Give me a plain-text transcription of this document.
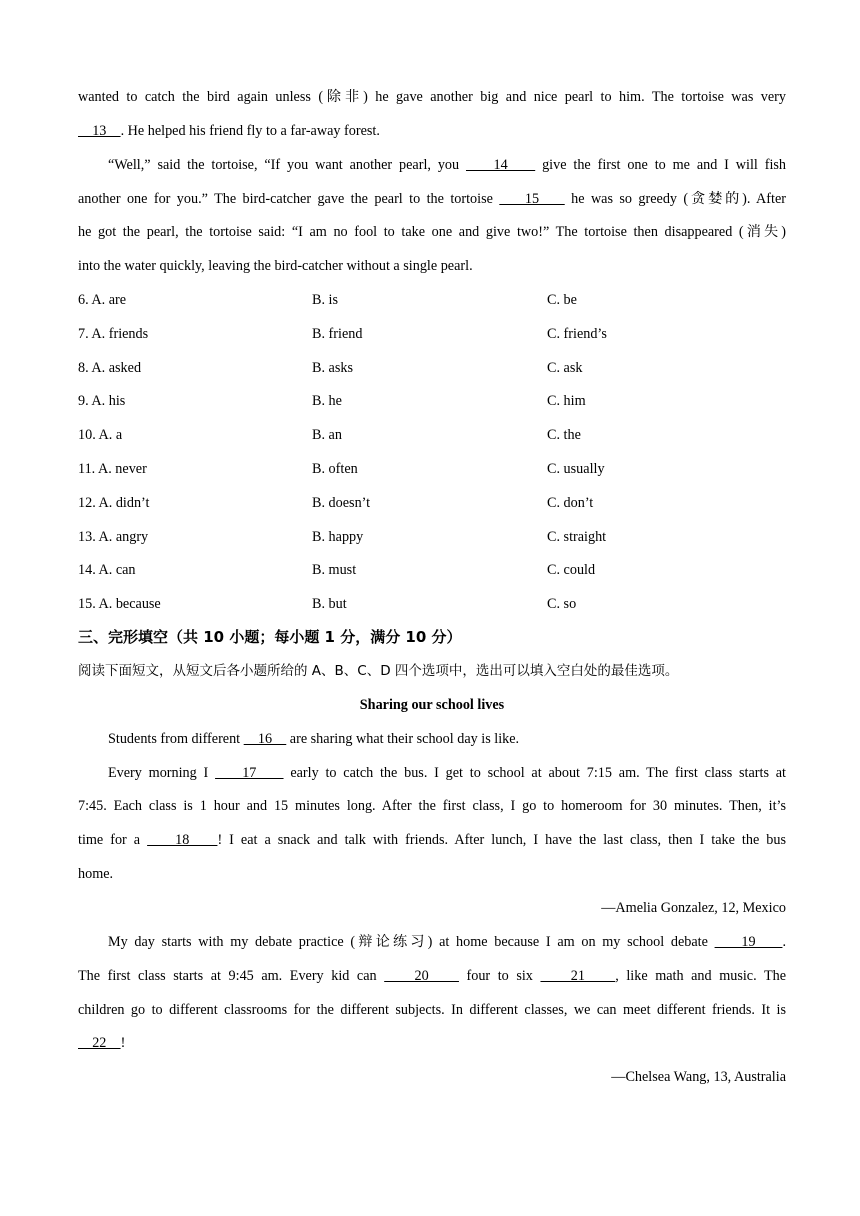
wanted to catch the bird again unless (除非) he gave another big and nice pearl to him. The tortoise was very
13    . He helped his friend fly to a far-away forest.
“Well,” said the tortoise, “If you want another pearl, you     14     give the first one to me and I will fish
another one for you.” The bird-catcher gave the pearl to the tortoise     15     he was so greedy (贪婪的). After
he got the pearl, the tortoise said: “I am no fool to take one and give two!” The tortoise then disappeared (消失)
into the water quickly, leaving the bird-catcher without a single pearl.
6. A. are	B. is	C. be
7. A. friends	B. friend	C. friend’s
8. A. asked	B. asks	C. ask
9. A. his	B. he	C. him
10. A. a	B. an	C. the
11. A. never	B. often	C. usually
12. A. didn’t	B. doesn’t	C. don’t
13. A. angry	B. happy	C. straight
14. A. can	B. must	C. could
15. A. because	B. but	C. so
三、完形填空（共 10 小题；每小题 1 分，满分 10 分）
阅读下面短文，从短文后各小题所给的 A、B、C、D 四个选项中，选出可以填入空白处的最佳选项。
Sharing our school lives
Students from different     16     are sharing what their school day is like.
Every morning I     17     early to catch the bus. I get to school at about 7:15 am. The first class starts at
7:45. Each class is 1 hour and 15 minutes long. After the first class, I go to homeroom for 30 minutes. Then, it’s
time for a     18    ! I eat a snack and talk with friends. After lunch, I have the last class, then I take the bus
home.
—Amelia Gonzalez, 12, Mexico
My day starts with my debate practice (辩论练习) at home because I am on my school debate     19    .
The first class starts at 9:45 am. Every kid can     20     four to six     21    , like math and music. The
children go to different classrooms for the different subjects. In different classes, we can meet different friends. It is
22    !
—Chelsea Wang, 13, Australia
